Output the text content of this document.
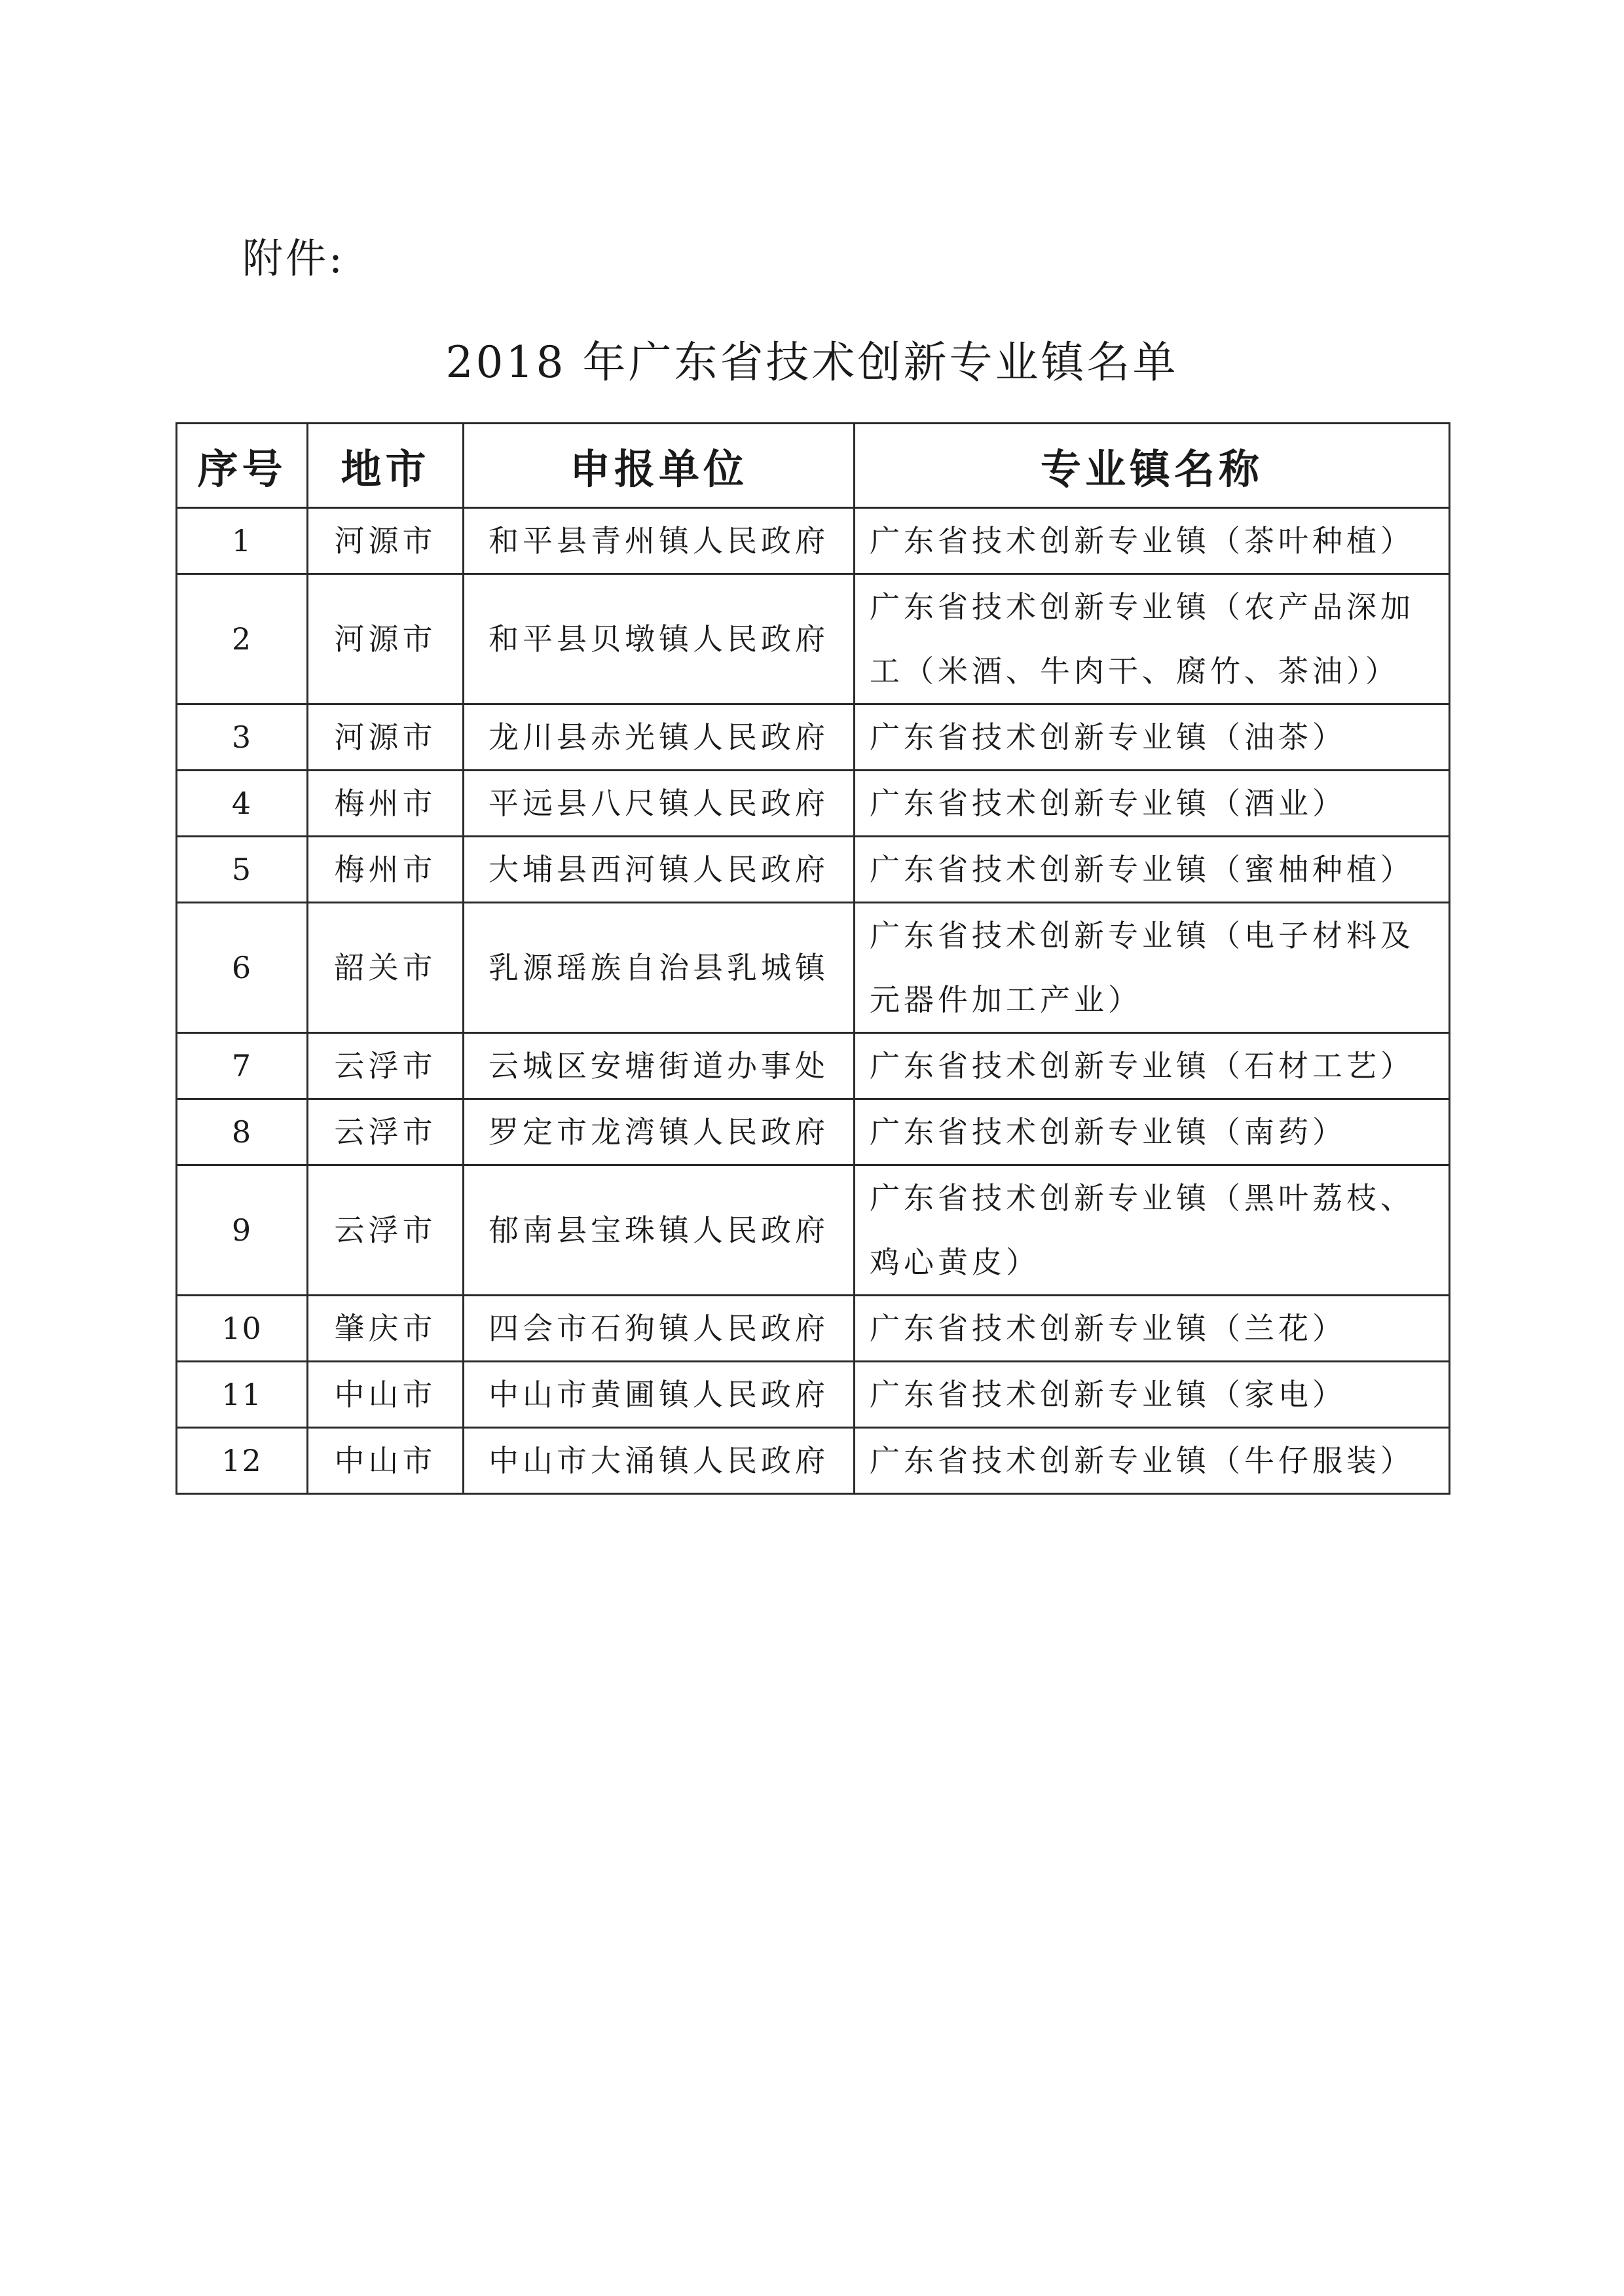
附件:
2018 年广东省技术创新专业镇名单
序号	地市	申报单位	专业镇名称
1	河源市	和平县青州镇人民政府	广东省技术创新专业镇（茶叶种植）
2	河源市	和平县贝墩镇人民政府	广东省技术创新专业镇（农产品深加工（米酒、牛肉干、腐竹、茶油））
3	河源市	龙川县赤光镇人民政府	广东省技术创新专业镇（油茶）
4	梅州市	平远县八尺镇人民政府	广东省技术创新专业镇（酒业）
5	梅州市	大埔县西河镇人民政府	广东省技术创新专业镇（蜜柚种植）
6	韶关市	乳源瑶族自治县乳城镇	广东省技术创新专业镇（电子材料及元器件加工产业）
7	云浮市	云城区安塘街道办事处	广东省技术创新专业镇（石材工艺）
8	云浮市	罗定市龙湾镇人民政府	广东省技术创新专业镇（南药）
9	云浮市	郁南县宝珠镇人民政府	广东省技术创新专业镇（黑叶荔枝、鸡心黄皮）
10	肇庆市	四会市石狗镇人民政府	广东省技术创新专业镇（兰花）
11	中山市	中山市黄圃镇人民政府	广东省技术创新专业镇（家电）
12	中山市	中山市大涌镇人民政府	广东省技术创新专业镇（牛仔服装）
